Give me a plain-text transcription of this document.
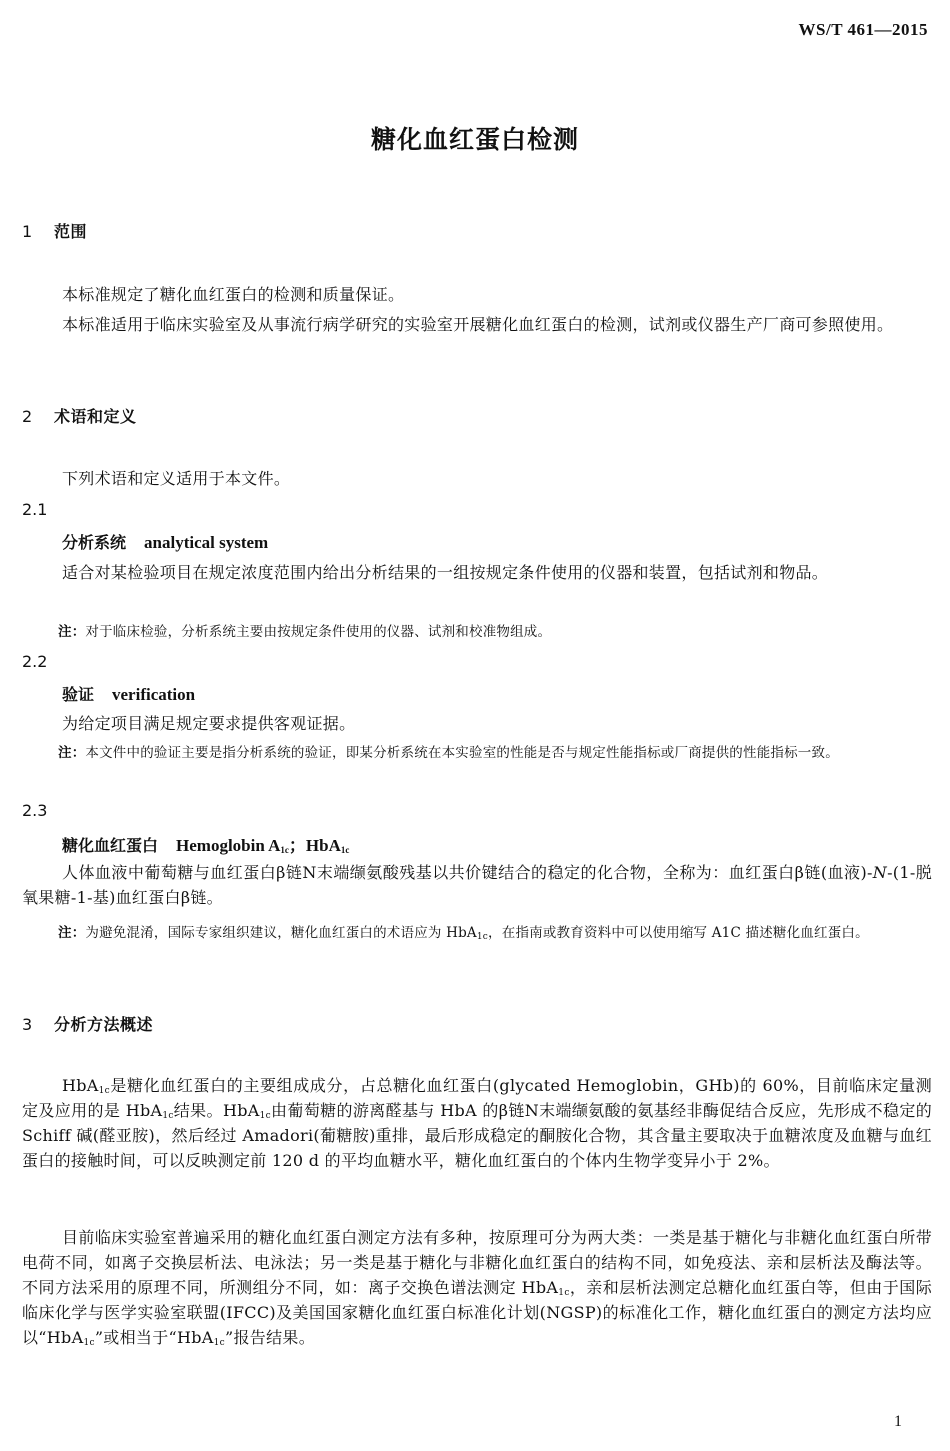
WS/T 461—2015
糖化血红蛋白检测
1 范围
本标准规定了糖化血红蛋白的检测和质量保证。
本标准适用于临床实验室及从事流行病学研究的实验室开展糖化血红蛋白的检测，试剂或仪器生产厂商可参照使用。
2 术语和定义
下列术语和定义适用于本文件。
2.1
分析系统 analytical system
适合对某检验项目在规定浓度范围内给出分析结果的一组按规定条件使用的仪器和装置，包括试剂和物品。
注：对于临床检验，分析系统主要由按规定条件使用的仪器、试剂和校准物组成。
2.2
验证 verification
为给定项目满足规定要求提供客观证据。
注：本文件中的验证主要是指分析系统的验证，即某分析系统在本实验室的性能是否与规定性能指标或厂商提供的性能指标一致。
2.3
糖化血红蛋白 Hemoglobin $A_{1c}$；HbA$_{1c}$
人体血液中葡萄糖与血红蛋白β链N末端缬氨酸残基以共价键结合的稳定的化合物，全称为：血红蛋白β链(血液)-N-(1-脱氧果糖-1-基)血红蛋白β链。
注：为避免混淆，国际专家组织建议，糖化血红蛋白的术语应为 HbA$_{1c}$，在指南或教育资料中可以使用缩写 A1C 描述糖化血红蛋白。
3 分析方法概述
HbA$_{1c}$是糖化血红蛋白的主要组成成分，占总糖化血红蛋白(glycated Hemoglobin，GHb)的 60%，目前临床定量测定及应用的是 HbA$_{1c}$结果。HbA$_{1c}$由葡萄糖的游离醛基与 HbA 的β链N末端缬氨酸的氨基经非酶促结合反应，先形成不稳定的 Schiff 碱(醛亚胺)，然后经过 Amadori(葡糖胺)重排，最后形成稳定的酮胺化合物，其含量主要取决于血糖浓度及血糖与血红蛋白的接触时间，可以反映测定前 120 d 的平均血糖水平，糖化血红蛋白的个体内生物学变异小于 2%。
目前临床实验室普遍采用的糖化血红蛋白测定方法有多种，按原理可分为两大类：一类是基于糖化与非糖化血红蛋白所带电荷不同，如离子交换层析法、电泳法；另一类是基于糖化与非糖化血红蛋白的结构不同，如免疫法、亲和层析法及酶法等。不同方法采用的原理不同，所测组分不同，如：离子交换色谱法测定 HbA$_{1c}$，亲和层析法测定总糖化血红蛋白等，但由于国际临床化学与医学实验室联盟(IFCC)及美国国家糖化血红蛋白标准化计划(NGSP)的标准化工作，糖化血红蛋白的测定方法均应以“HbA$_{1c}$”或相当于“HbA$_{1c}$”报告结果。
1
